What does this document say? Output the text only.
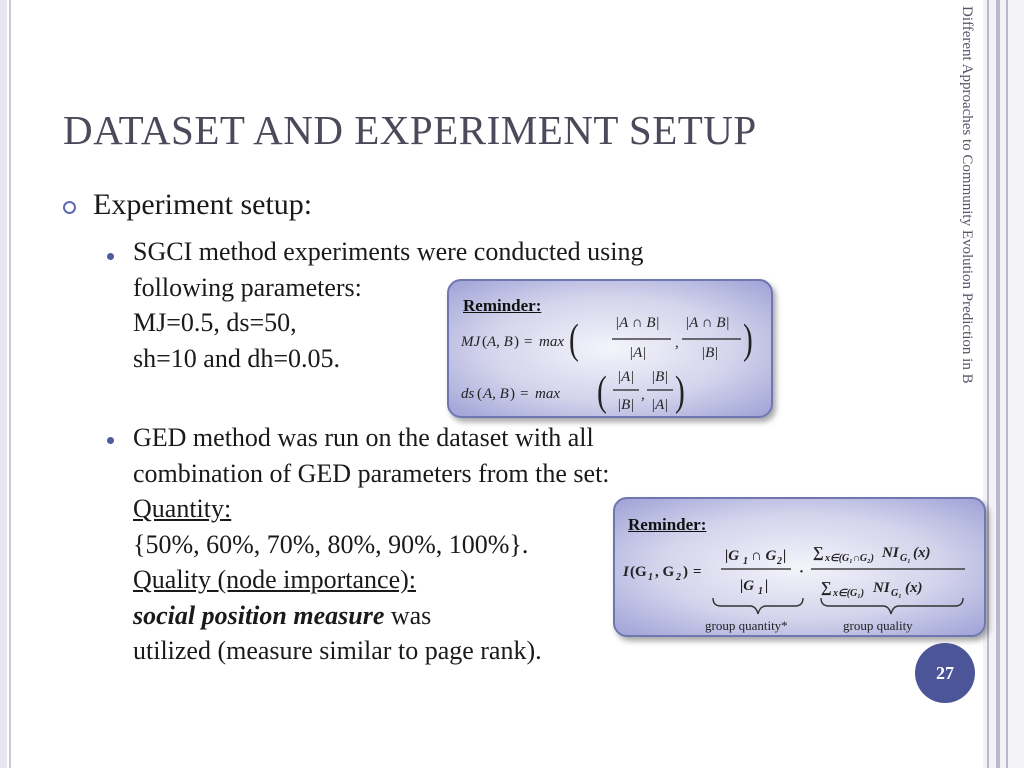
Different Approaches to Community Evolution Prediction in B
DATASET AND EXPERIMENT SETUP
Experiment setup:
SGCI method experiments were conducted using
following parameters:
MJ=0.5, ds=50,
sh=10 and dh=0.05.
GED method was run on the dataset with all
combination of GED parameters from the set:
Quantity:
{50%, 60%, 70%, 80%, 90%, 100%}.
Quality (node importance):
social position measure was
utilized (measure similar to page rank).
Reminder:
MJ ( A, B ) = max ( |A ∩ B|
|A|
,
|A ∩ B|
|B| )
ds ( A, B ) = max ( |A|
|B|
,
|B|
|A| )
Reminder:
I (G 1 , G 2 ) =
|G 1 ∩ G 2 |
|G 1 |
·
∑ x∈(G₁∩G₂) NI G₁ (x)
∑ x∈(G₁) NI G₁ (x)
group quantity*	group quality
27
